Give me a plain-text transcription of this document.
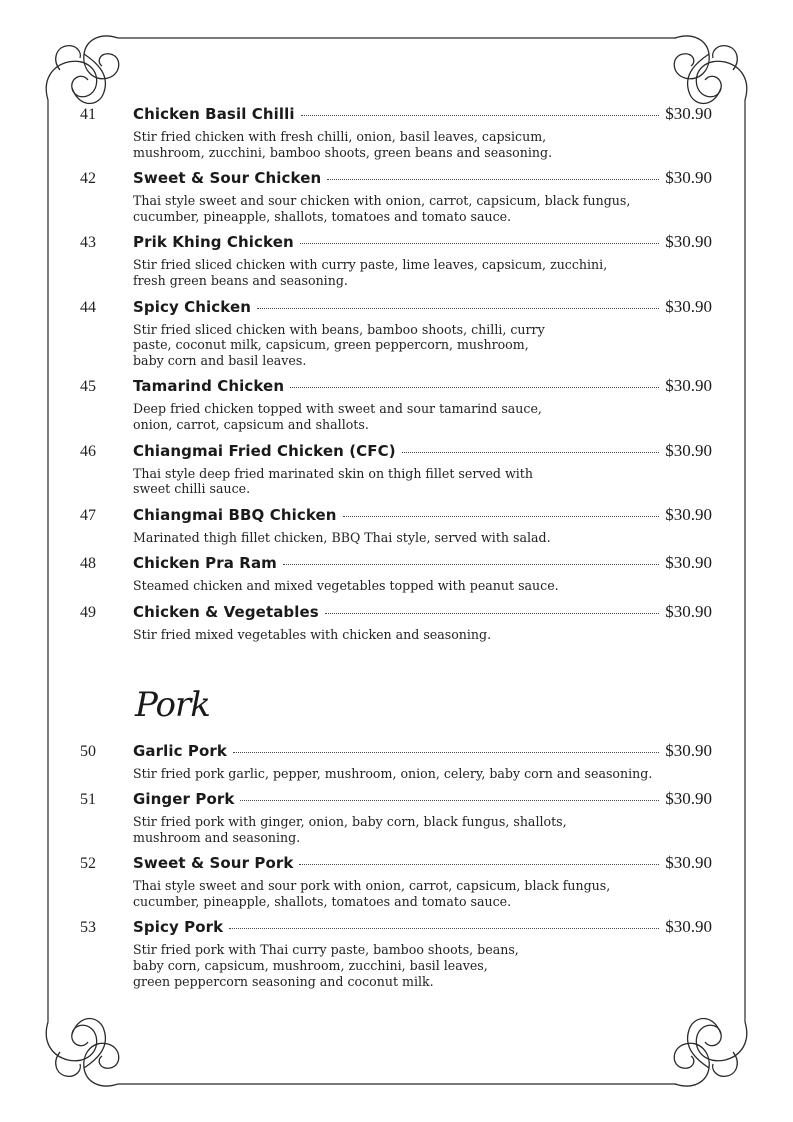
41	Chicken Basil Chilli	$30.90
Stir fried chicken with fresh chilli, onion, basil leaves, capsicum,
mushroom, zucchini, bamboo shoots, green beans and seasoning.
42	Sweet & Sour Chicken	$30.90
Thai style sweet and sour chicken with onion, carrot, capsicum, black fungus,
cucumber, pineapple, shallots, tomatoes and tomato sauce.
43	Prik Khing Chicken	$30.90
Stir fried sliced chicken with curry paste, lime leaves, capsicum, zucchini,
fresh green beans and seasoning.
44	Spicy Chicken	$30.90
Stir fried sliced chicken with beans, bamboo shoots, chilli, curry
paste, coconut milk, capsicum, green peppercorn, mushroom,
baby corn and basil leaves.
45	Tamarind Chicken	$30.90
Deep fried chicken topped with sweet and sour tamarind sauce,
onion, carrot, capsicum and shallots.
46	Chiangmai Fried Chicken (CFC)	$30.90
Thai style deep fried marinated skin on thigh fillet served with
sweet chilli sauce.
47	Chiangmai BBQ Chicken	$30.90
Marinated thigh fillet chicken, BBQ Thai style, served with salad.
48	Chicken Pra Ram	$30.90
Steamed chicken and mixed vegetables topped with peanut sauce.
49	Chicken & Vegetables	$30.90
Stir fried mixed vegetables with chicken and seasoning.
Pork
50	Garlic Pork	$30.90
Stir fried pork garlic, pepper, mushroom, onion, celery, baby corn and seasoning.
51	Ginger Pork	$30.90
Stir fried pork with ginger, onion, baby corn, black fungus, shallots,
mushroom and seasoning.
52	Sweet & Sour Pork	$30.90
Thai style sweet and sour pork with onion, carrot, capsicum, black fungus,
cucumber, pineapple, shallots, tomatoes and tomato sauce.
53	Spicy Pork	$30.90
Stir fried pork with Thai curry paste, bamboo shoots, beans,
baby corn, capsicum, mushroom, zucchini, basil leaves,
green peppercorn seasoning and coconut milk.
